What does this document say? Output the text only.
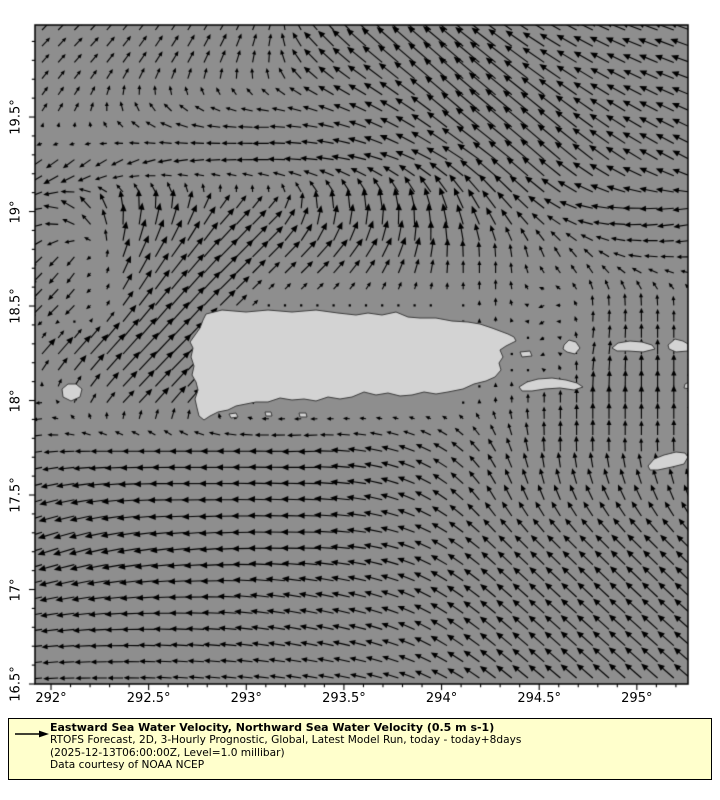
292°	292.5°	293°	293.5°	294°	294.5°	295°
16.5°
17°
17.5°
18°
18.5°
19°
19.5°
Eastward Sea Water Velocity, Northward Sea Water Velocity (0.5 m s-1)
RTOFS Forecast, 2D, 3-Hourly Prognostic, Global, Latest Model Run, today - today+8days
(2025-12-13T06:00:00Z, Level=1.0 millibar)
Data courtesy of NOAA NCEP
